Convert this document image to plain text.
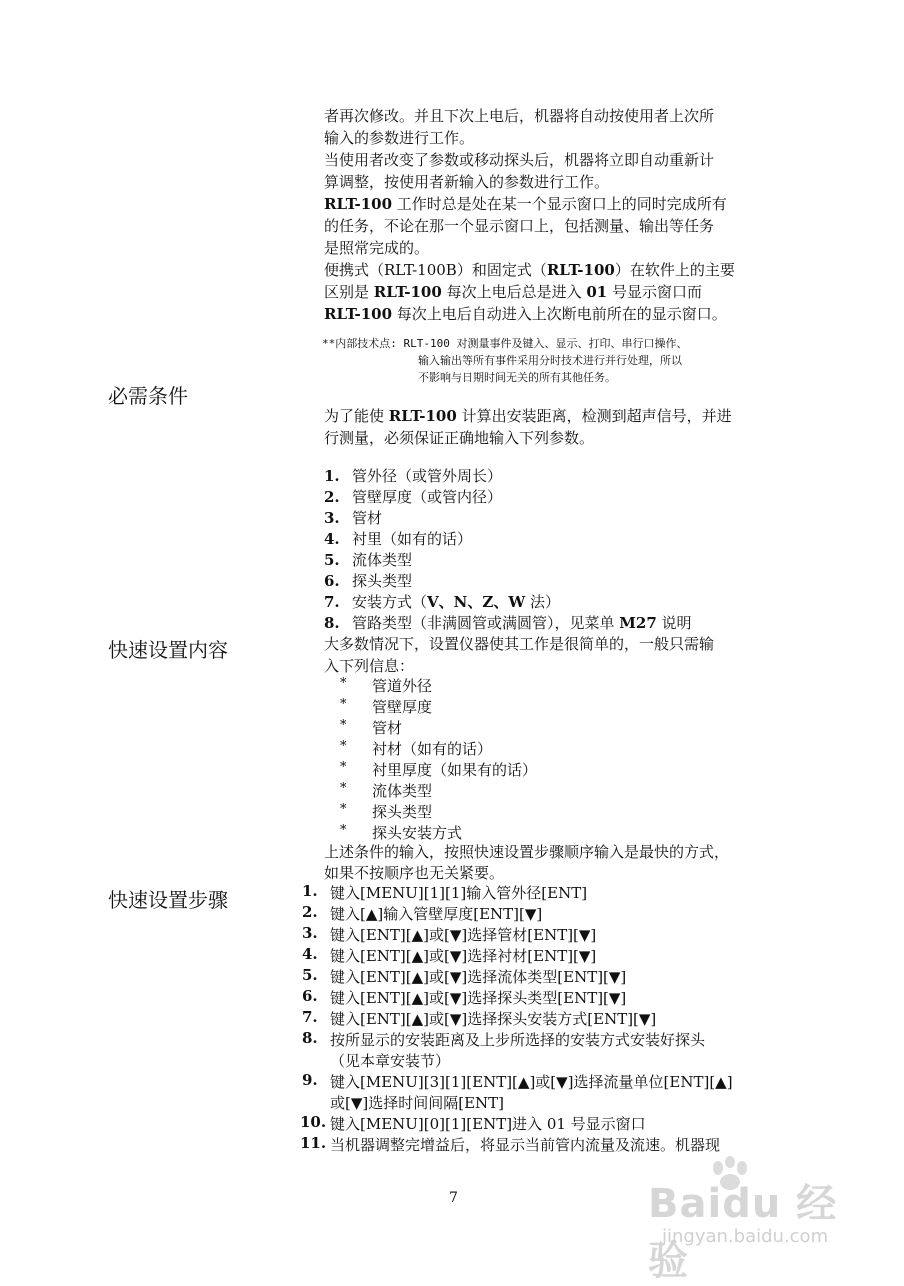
者再次修改。并且下次上电后，机器将自动按使用者上次所
输入的参数进行工作。
当使用者改变了参数或移动探头后，机器将立即自动重新计
算调整，按使用者新输入的参数进行工作。
RLT-100 工作时总是处在某一个显示窗口上的同时完成所有
的任务，不论在那一个显示窗口上，包括测量、输出等任务
是照常完成的。
便携式（RLT-100B）和固定式（RLT-100）在软件上的主要
区别是 RLT-100 每次上电后总是进入 01 号显示窗口而
RLT-100 每次上电后自动进入上次断电前所在的显示窗口。
**内部技术点: RLT-100 对测量事件及键入、显示、打印、串行口操作、
输入输出等所有事件采用分时技术进行并行处理，所以
不影响与日期时间无关的所有其他任务。
必需条件
为了能使 RLT-100 计算出安装距离，检测到超声信号，并进
行测量，必须保证正确地输入下列参数。
1. 管外径（或管外周长）
2. 管壁厚度（或管内径）
3. 管材
4. 衬里（如有的话）
5. 流体类型
6. 探头类型
7. 安装方式（V、N、Z、W 法）
8. 管路类型（非满圆管或满圆管），见菜单 M27 说明
快速设置内容	大多数情况下，设置仪器使其工作是很简单的，一般只需输
入下列信息：
* 管道外径
* 管壁厚度
* 管材
* 衬材（如有的话）
* 衬里厚度（如果有的话）
* 流体类型
* 探头类型
* 探头安装方式
上述条件的输入，按照快速设置步骤顺序输入是最快的方式，
如果不按顺序也无关紧要。
快速设置步骤	1. 键入[MENU][1][1]输入管外径[ENT]
2. 键入[▲]输入管壁厚度[ENT][▼]
3. 键入[ENT][▲]或[▼]选择管材[ENT][▼]
4. 键入[ENT][▲]或[▼]选择衬材[ENT][▼]
5. 键入[ENT][▲]或[▼]选择流体类型[ENT][▼]
6. 键入[ENT][▲]或[▼]选择探头类型[ENT][▼]
7. 键入[ENT][▲]或[▼]选择探头安装方式[ENT][▼]
8. 按所显示的安装距离及上步所选择的安装方式安装好探头
（见本章安装节）
9. 键入[MENU][3][1][ENT][▲]或[▼]选择流量单位[ENT][▲]
或[▼]选择时间间隔[ENT]
10. 键入[MENU][0][1][ENT]进入 01 号显示窗口
11. 当机器调整完增益后，将显示当前管内流量及流速。机器现
7	Baidu 经验
jingyan.baidu.com
